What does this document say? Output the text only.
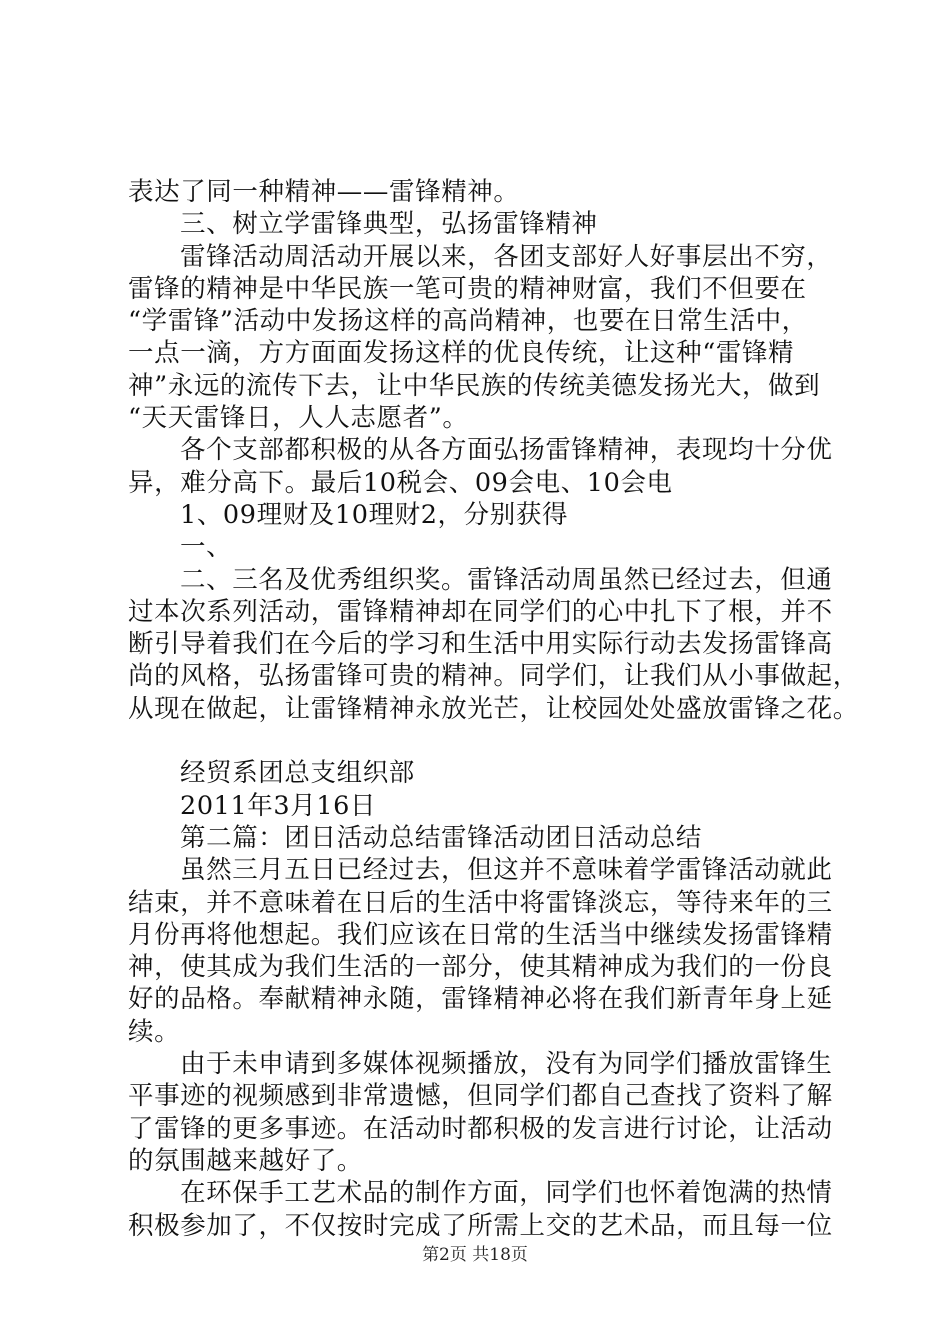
表达了同一种精神——雷锋精神。
三、树立学雷锋典型，弘扬雷锋精神
雷锋活动周活动开展以来，各团支部好人好事层出不穷，
雷锋的精神是中华民族一笔可贵的精神财富，我们不但要在
“学雷锋”活动中发扬这样的高尚精神，也要在日常生活中，
一点一滴，方方面面发扬这样的优良传统，让这种“雷锋精
神”永远的流传下去，让中华民族的传统美德发扬光大，做到
“天天雷锋日，人人志愿者”。
各个支部都积极的从各方面弘扬雷锋精神，表现均十分优
异，难分高下。最后10税会、09会电、10会电
1、09理财及10理财2，分别获得
一、
二、三名及优秀组织奖。雷锋活动周虽然已经过去，但通
过本次系列活动，雷锋精神却在同学们的心中扎下了根，并不
断引导着我们在今后的学习和生活中用实际行动去发扬雷锋高
尚的风格，弘扬雷锋可贵的精神。同学们，让我们从小事做起，
从现在做起，让雷锋精神永放光芒，让校园处处盛放雷锋之花。
经贸系团总支组织部
2011年3月16日
第二篇：团日活动总结雷锋活动团日活动总结
虽然三月五日已经过去，但这并不意味着学雷锋活动就此
结束，并不意味着在日后的生活中将雷锋淡忘，等待来年的三
月份再将他想起。我们应该在日常的生活当中继续发扬雷锋精
神，使其成为我们生活的一部分，使其精神成为我们的一份良
好的品格。奉献精神永随，雷锋精神必将在我们新青年身上延
续。
由于未申请到多媒体视频播放，没有为同学们播放雷锋生
平事迹的视频感到非常遗憾，但同学们都自己查找了资料了解
了雷锋的更多事迹。在活动时都积极的发言进行讨论，让活动
的氛围越来越好了。
在环保手工艺术品的制作方面，同学们也怀着饱满的热情
积极参加了，不仅按时完成了所需上交的艺术品，而且每一位
第2页 共18页
